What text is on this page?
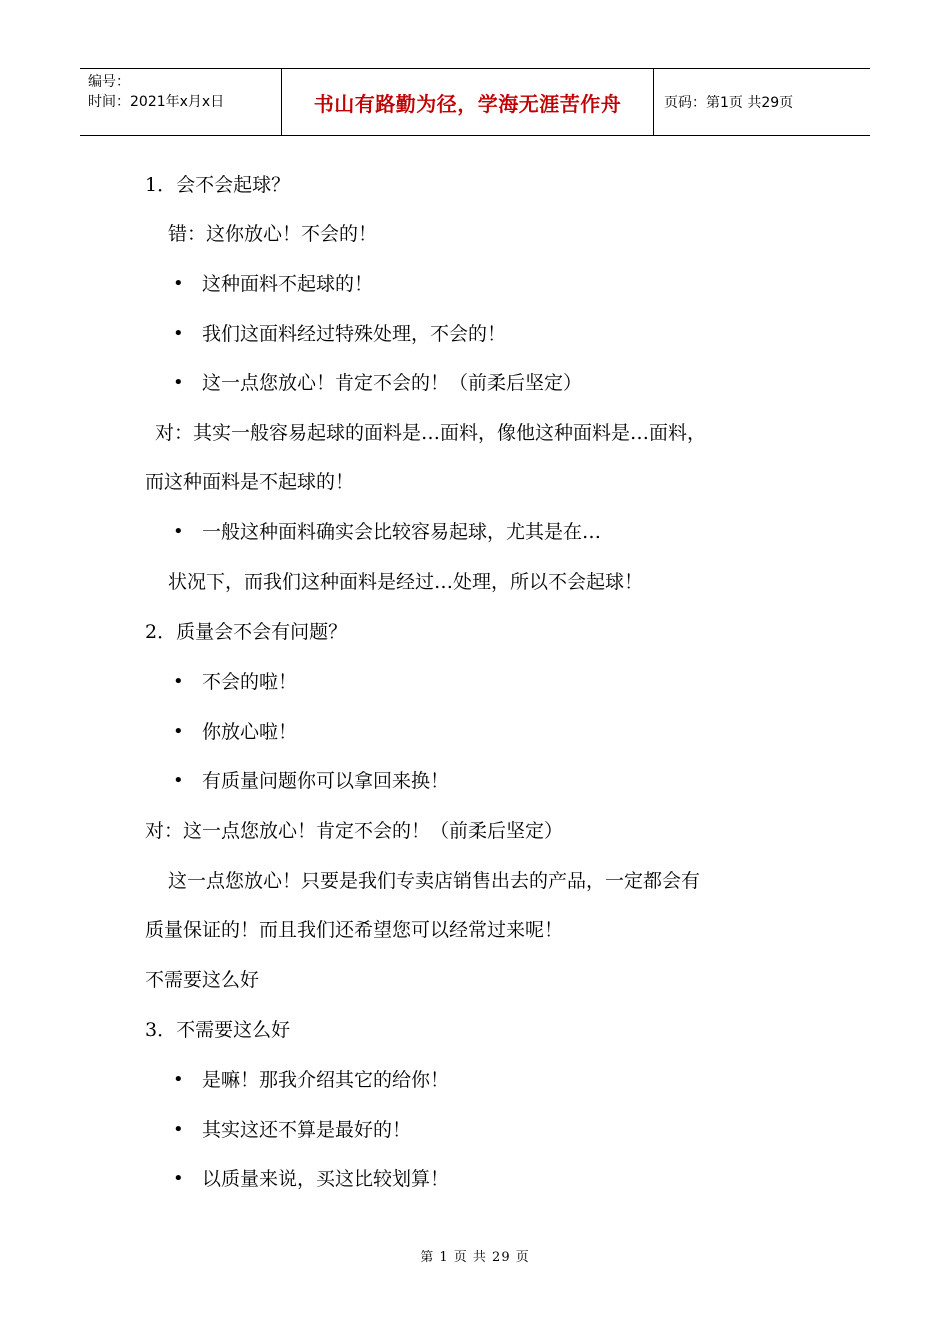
编号：
时间：2021年x月x日	书山有路勤为径，学海无涯苦作舟	页码：第1页 共29页
1．会不会起球？
错：这你放心！不会的！
• 这种面料不起球的！
• 我们这面料经过特殊处理，不会的！
• 这一点您放心！肯定不会的！（前柔后坚定）
对：其实一般容易起球的面料是…面料，像他这种面料是…面料，
而这种面料是不起球的！
• 一般这种面料确实会比较容易起球，尤其是在…
状况下，而我们这种面料是经过…处理，所以不会起球！
2．质量会不会有问题？
• 不会的啦！
• 你放心啦！
• 有质量问题你可以拿回来换！
对：这一点您放心！肯定不会的！（前柔后坚定）
这一点您放心！只要是我们专卖店销售出去的产品，一定都会有
质量保证的！而且我们还希望您可以经常过来呢！
不需要这么好
3．不需要这么好
• 是嘛！那我介绍其它的给你！
• 其实这还不算是最好的！
• 以质量来说，买这比较划算！
第 1 页 共 29 页
